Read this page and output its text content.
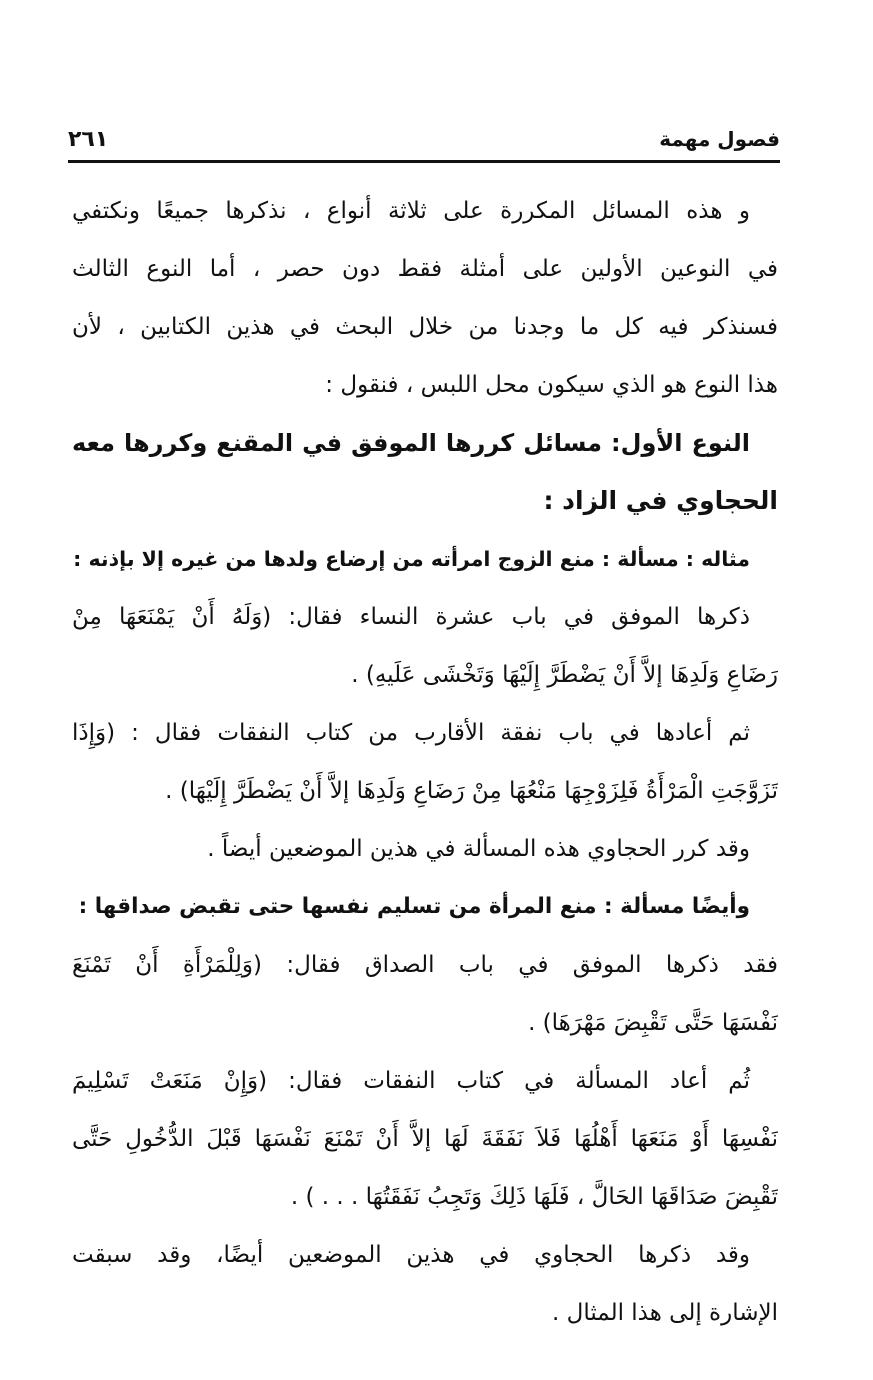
فصول مهمة
٢٦١
و هذه المسائل المكررة على ثلاثة أنواع ، نذكرها جميعًا ونكتفي
في النوعين الأولين على أمثلة فقط دون حصر ، أما النوع الثالث
فسنذكر فيه كل ما وجدنا من خلال البحث في هذين الكتابين ، لأن
هذا النوع هو الذي سيكون محل اللبس ، فنقول :
النوع الأول: مسائل كررها الموفق في المقنع وكررها معه
الحجاوي في الزاد :
مثاله : مسألة : منع الزوج امرأته من إرضاع ولدها من غيره إلا بإذنه :
ذكرها الموفق في باب عشرة النساء فقال: (وَلَهُ أَنْ يَمْنَعَهَا مِنْ
رَضَاعِ وَلَدِهَا إلاَّ أَنْ يَضْطَرَّ إِلَيْهَا وَتَخْشَى عَلَيهِ) .
ثم أعادها في باب نفقة الأقارب من كتاب النفقات فقال : (وَإِذَا
تَزَوَّجَتِ الْمَرْأَةُ فَلِزَوْجِهَا مَنْعُهَا مِنْ رَضَاعِ وَلَدِهَا إلاَّ أَنْ يَضْطَرَّ إِلَيْهَا) .
وقد كرر الحجاوي هذه المسألة في هذين الموضعين أيضاً .
وأيضًا مسألة : منع المرأة من تسليم نفسها حتى تقبض صداقها :
فقد ذكرها الموفق في باب الصداق فقال: (وَلِلْمَرْأَةِ أَنْ تَمْنَعَ
نَفْسَهَا حَتَّى تَقْبِضَ مَهْرَهَا) .
ثُم أعاد المسألة في كتاب النفقات فقال: (وَإِنْ مَنَعَتْ تَسْلِيمَ
نَفْسِهَا أَوْ مَنَعَهَا أَهْلُهَا فَلاَ نَفَقَةَ لَهَا إلاَّ أَنْ تَمْنَعَ نَفْسَهَا قَبْلَ الدُّخُولِ حَتَّى
تَقْبِضَ صَدَاقَهَا الحَالَّ ، فَلَهَا ذَلِكَ وَتَجِبُ نَفَقَتُهَا . . . ) .
وقد ذكرها الحجاوي في هذين الموضعين أيضًا، وقد سبقت
الإشارة إلى هذا المثال .
